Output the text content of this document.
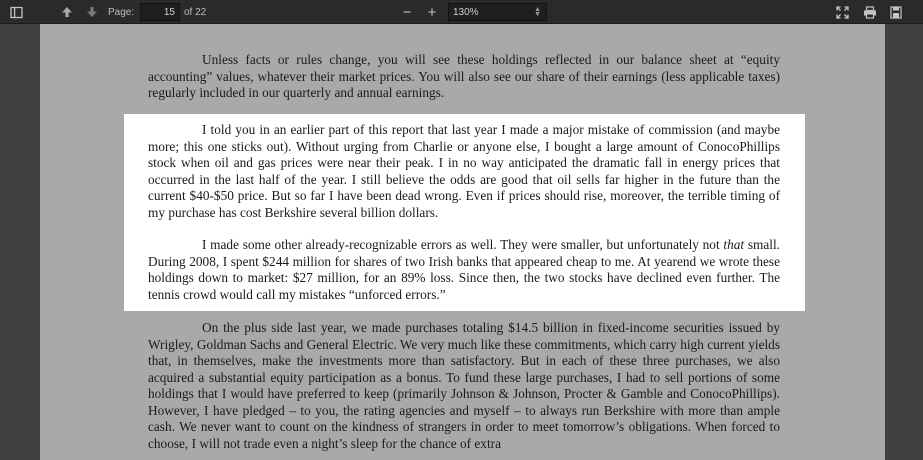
Page:
15	of 22	−	+	130%	▲
▼

Unless facts or rules change, you will see these holdings reflected in our balance sheet at “equity accounting” values, whatever their market prices. You will also see our share of their earnings (less applicable taxes) regularly included in our quarterly and annual earnings.

I told you in an earlier part of this report that last year I made a major mistake of commission (and maybe more; this one sticks out). Without urging from Charlie or anyone else, I bought a large amount of ConocoPhillips stock when oil and gas prices were near their peak. I in no way anticipated the dramatic fall in energy prices that occurred in the last half of the year. I still believe the odds are good that oil sells far higher in the future than the current $40-$50 price. But so far I have been dead wrong. Even if prices should rise, moreover, the terrible timing of my purchase has cost Berkshire several billion dollars.

I made some other already-recognizable errors as well. They were smaller, but unfortunately not that small. During 2008, I spent $244 million for shares of two Irish banks that appeared cheap to me. At yearend we wrote these holdings down to market: $27 million, for an 89% loss. Since then, the two stocks have declined even further. The tennis crowd would call my mistakes “unforced errors.”

On the plus side last year, we made purchases totaling $14.5 billion in fixed-income securities issued by Wrigley, Goldman Sachs and General Electric. We very much like these commitments, which carry high current yields that, in themselves, make the investments more than satisfactory. But in each of these three purchases, we also acquired a substantial equity participation as a bonus. To fund these large purchases, I had to sell portions of some holdings that I would have preferred to keep (primarily Johnson & Johnson, Procter & Gamble and ConocoPhillips). However, I have pledged – to you, the rating agencies and myself – to always run Berkshire with more than ample cash. We never want to count on the kindness of strangers in order to meet tomorrow’s obligations. When forced to choose, I will not trade even a night’s sleep for the chance of extra
